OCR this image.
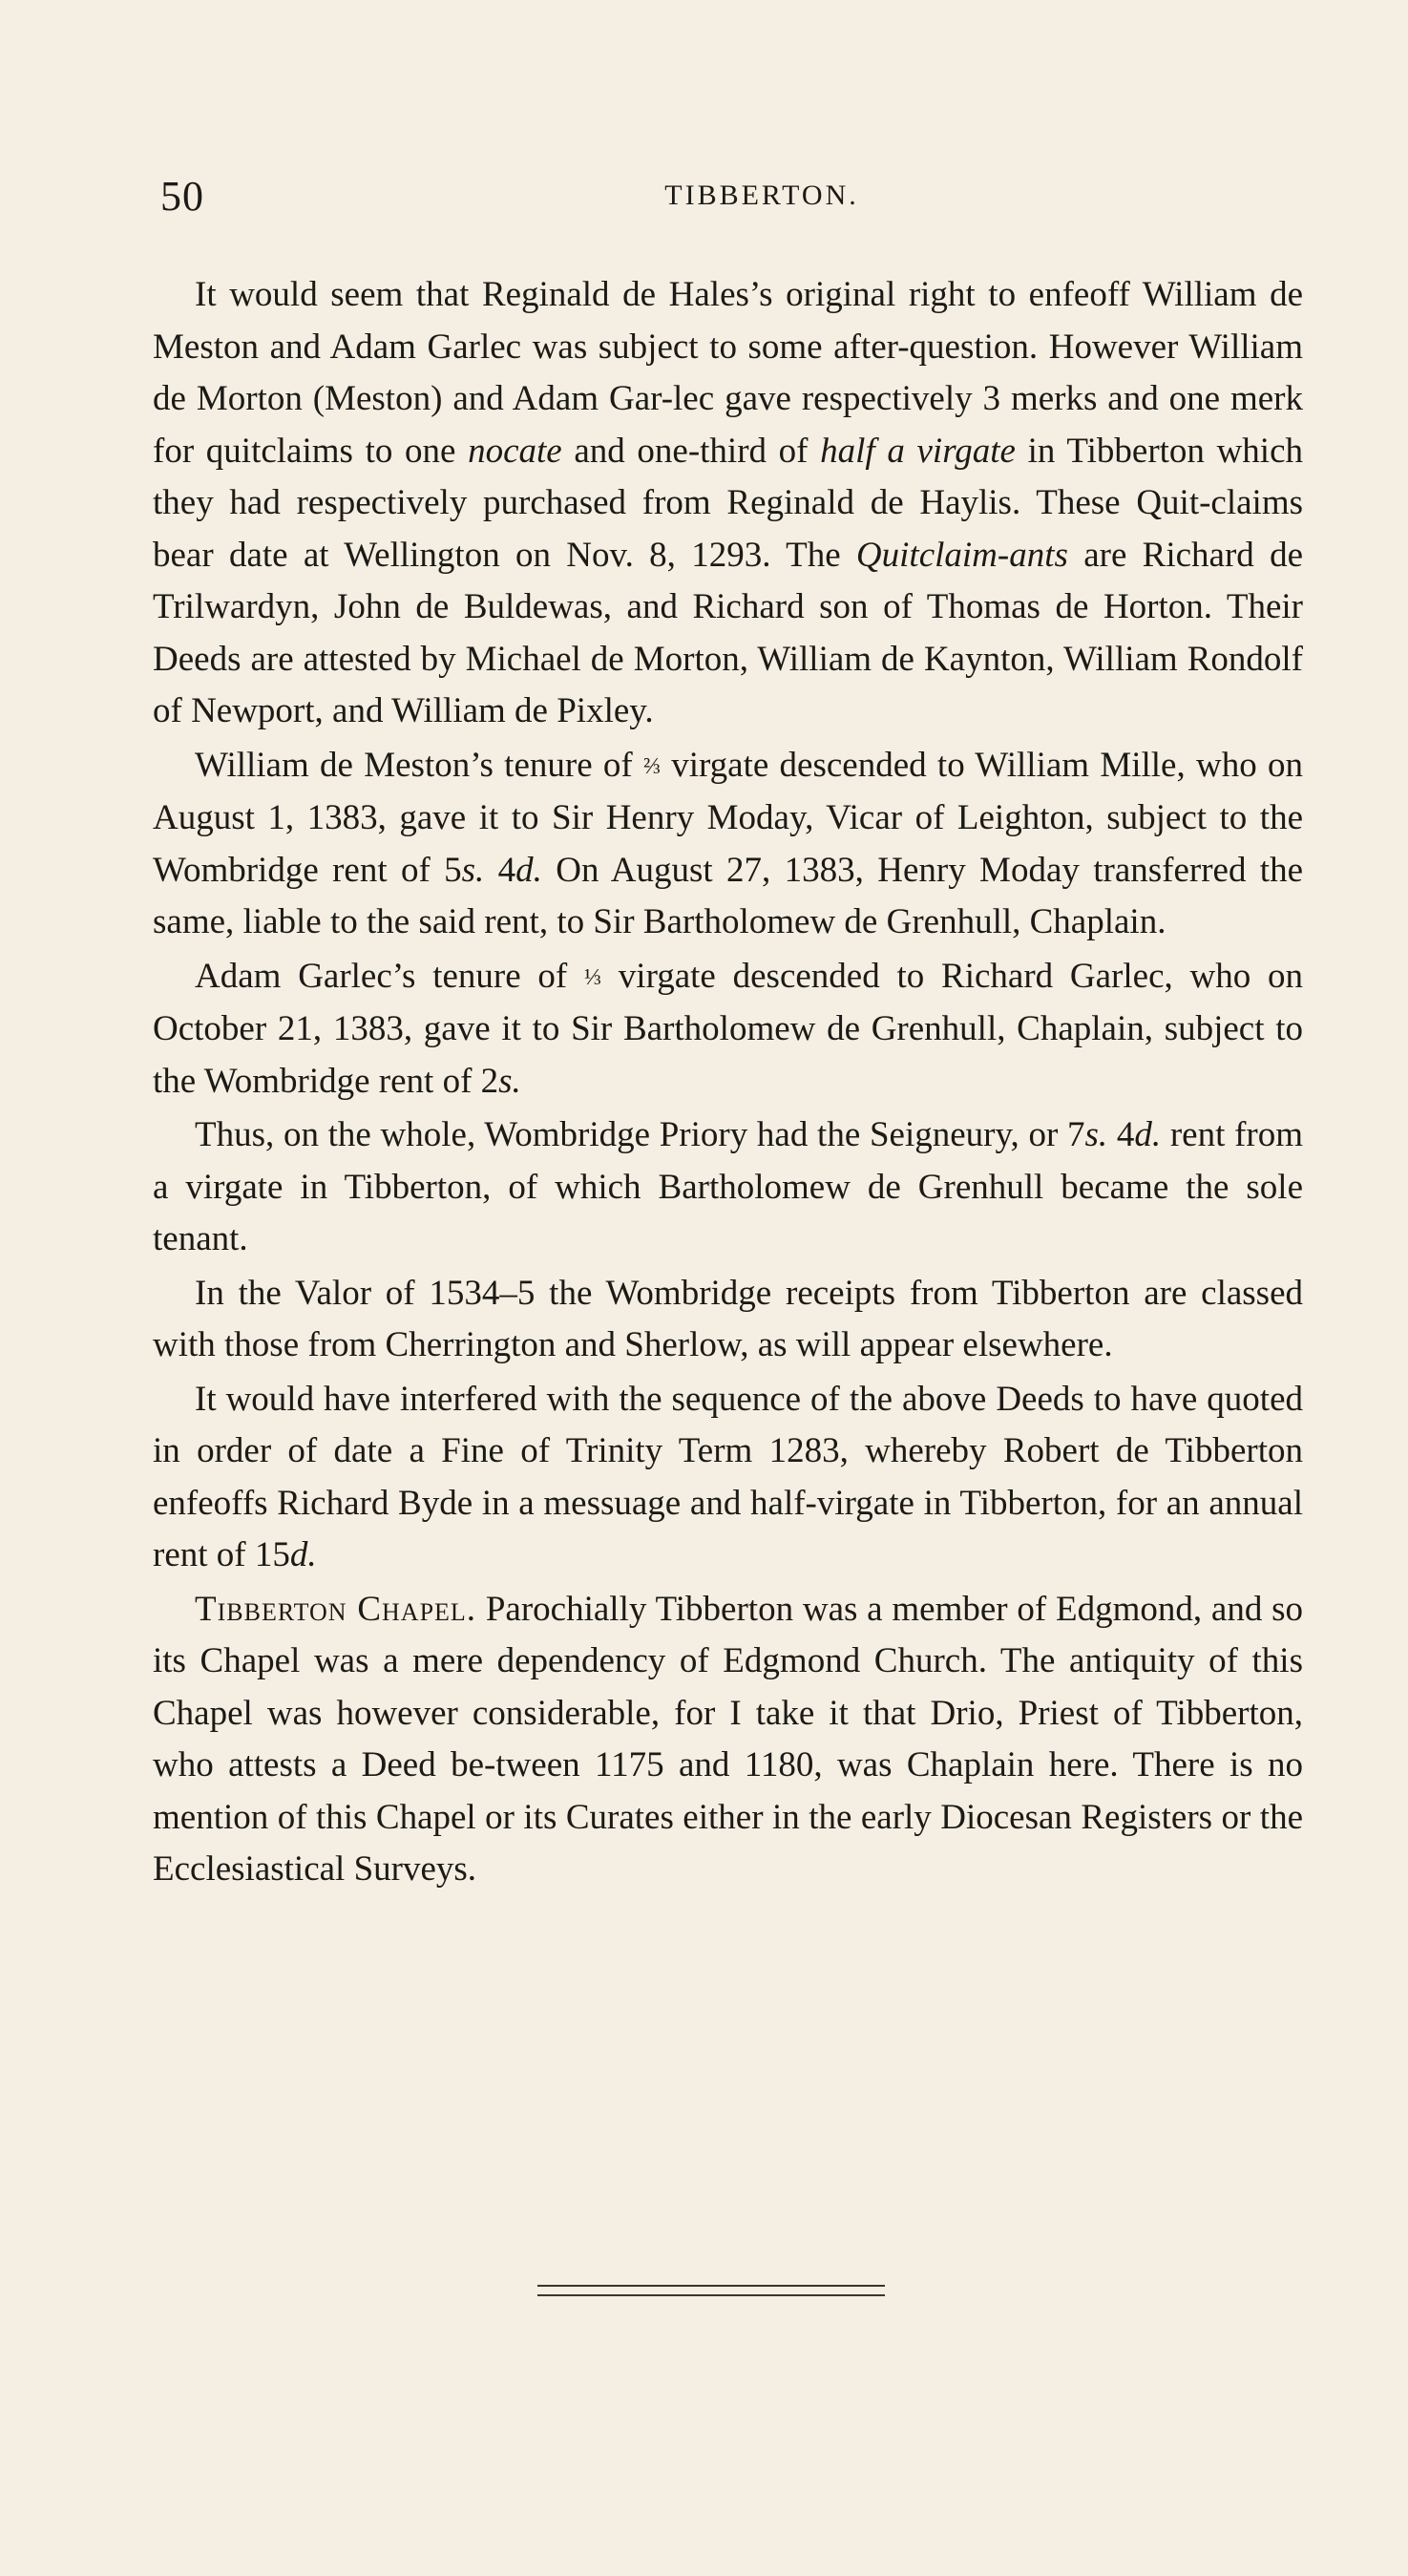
50	TIBBERTON.

It would seem that Reginald de Hales’s original right to enfeoff William de Meston and Adam Garlec was subject to some after-question. However William de Morton (Meston) and Adam Gar-lec gave respectively 3 merks and one merk for quitclaims to one nocate and one-third of half a virgate in Tibberton which they had respectively purchased from Reginald de Haylis. These Quit-claims bear date at Wellington on Nov. 8, 1293. The Quitclaim-ants are Richard de Trilwardyn, John de Buldewas, and Richard son of Thomas de Horton. Their Deeds are attested by Michael de Morton, William de Kaynton, William Rondolf of Newport, and William de Pixley.

William de Meston’s tenure of ⅔ virgate descended to William Mille, who on August 1, 1383, gave it to Sir Henry Moday, Vicar of Leighton, subject to the Wombridge rent of 5s. 4d. On August 27, 1383, Henry Moday transferred the same, liable to the said rent, to Sir Bartholomew de Grenhull, Chaplain.

Adam Garlec’s tenure of ⅓ virgate descended to Richard Garlec, who on October 21, 1383, gave it to Sir Bartholomew de Grenhull, Chaplain, subject to the Wombridge rent of 2s.

Thus, on the whole, Wombridge Priory had the Seigneury, or 7s. 4d. rent from a virgate in Tibberton, of which Bartholomew de Grenhull became the sole tenant.

In the Valor of 1534–5 the Wombridge receipts from Tibberton are classed with those from Cherrington and Sherlow, as will appear elsewhere.

It would have interfered with the sequence of the above Deeds to have quoted in order of date a Fine of Trinity Term 1283, whereby Robert de Tibberton enfeoffs Richard Byde in a messuage and half-virgate in Tibberton, for an annual rent of 15d.

Tibberton Chapel. Parochially Tibberton was a member of Edgmond, and so its Chapel was a mere dependency of Edgmond Church. The antiquity of this Chapel was however considerable, for I take it that Drio, Priest of Tibberton, who attests a Deed be-tween 1175 and 1180, was Chaplain here. There is no mention of this Chapel or its Curates either in the early Diocesan Registers or the Ecclesiastical Surveys.
